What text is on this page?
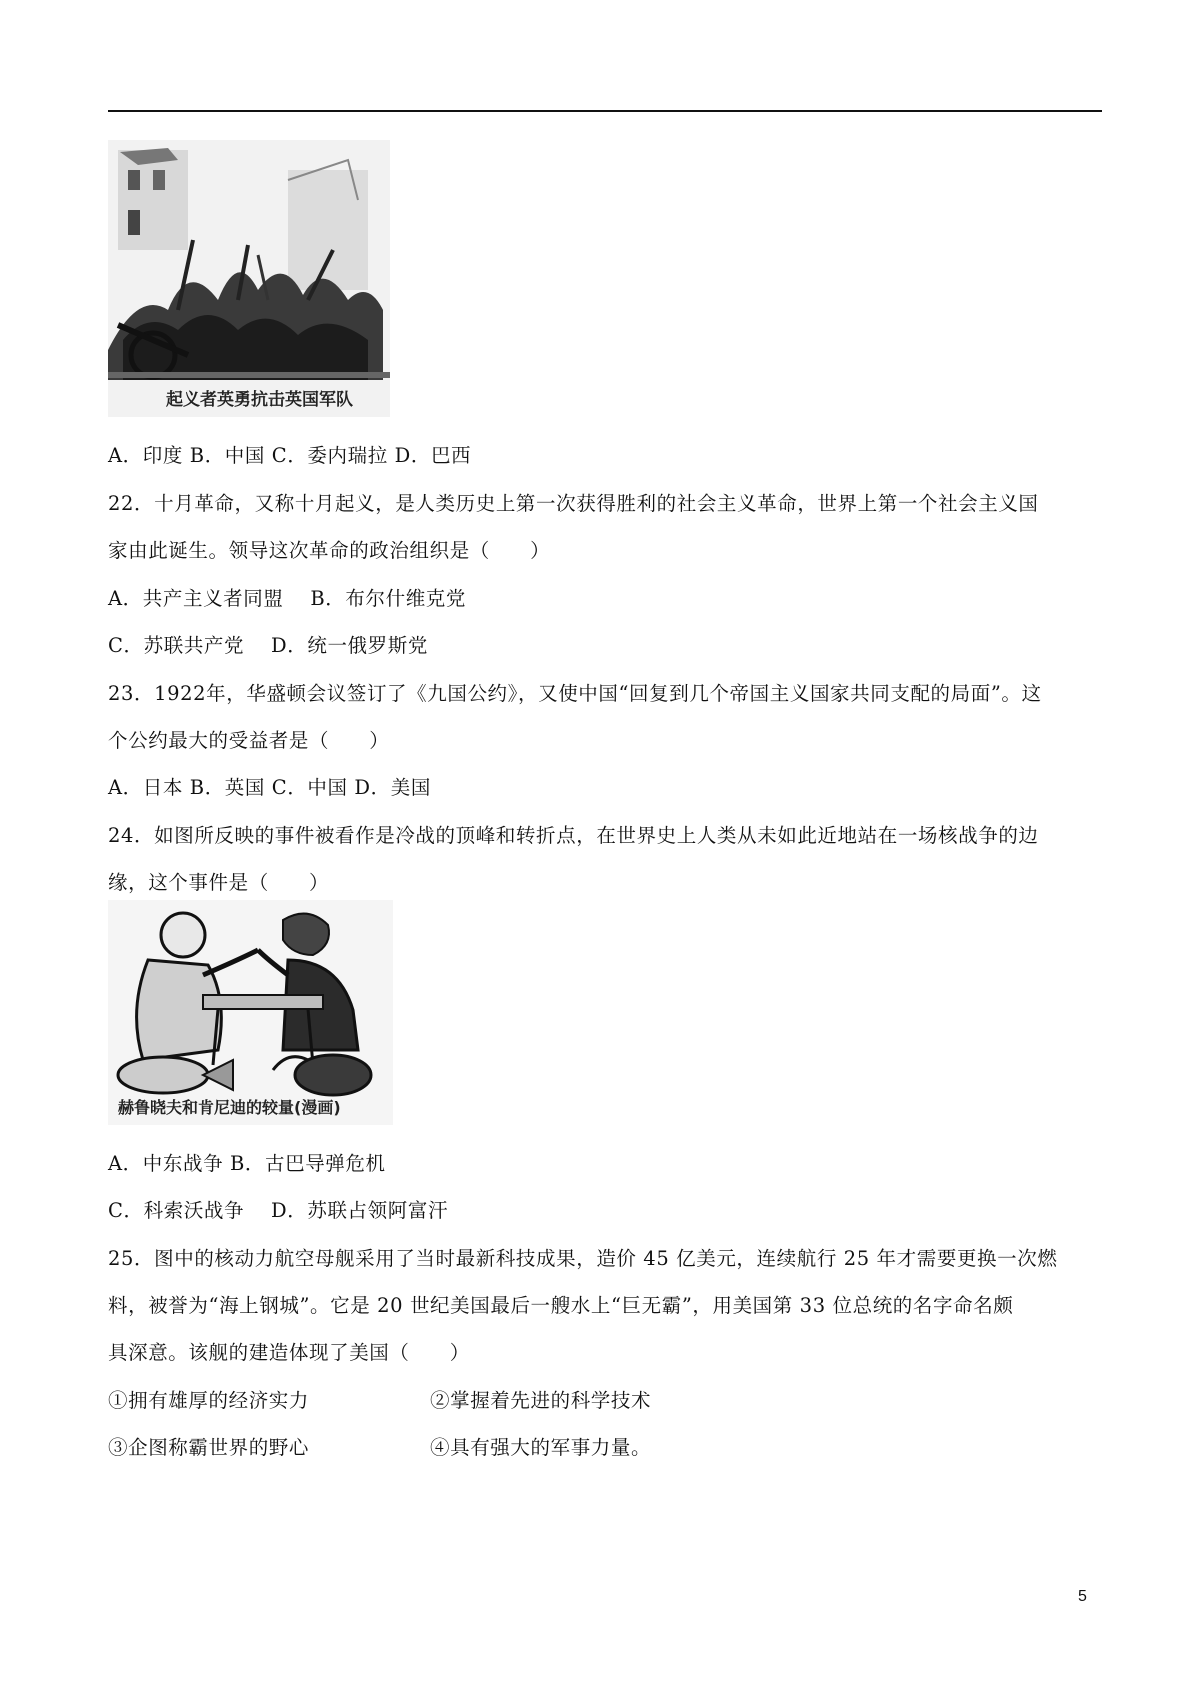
起义者英勇抗击英国军队
A．印度 B．中国 C．委内瑞拉 D．巴西
22．十月革命，又称十月起义，是人类历史上第一次获得胜利的社会主义革命，世界上第一个社会主义国
家由此诞生。领导这次革命的政治组织是（　　）
A．共产主义者同盟　 B．布尔什维克党
C．苏联共产党　 D．统一俄罗斯党
23．1922年，华盛顿会议签订了《九国公约》，又使中国“回复到几个帝国主义国家共同支配的局面”。这
个公约最大的受益者是（　　）
A．日本 B．英国 C．中国 D．美国
24．如图所反映的事件被看作是冷战的顶峰和转折点，在世界史上人类从未如此近地站在一场核战争的边
缘，这个事件是（　　）
赫鲁晓夫和肯尼迪的较量(漫画)
A．中东战争 B．古巴导弹危机
C．科索沃战争　 D．苏联占领阿富汗
25．图中的核动力航空母舰采用了当时最新科技成果，造价 45 亿美元，连续航行 25 年才需要更换一次燃
料，被誉为“海上钢城”。它是 20 世纪美国最后一艘水上“巨无霸”，用美国第 33 位总统的名字命名颇
具深意。该舰的建造体现了美国（　　）
①拥有雄厚的经济实力	②掌握着先进的科学技术
③企图称霸世界的野心	④具有强大的军事力量。
5
